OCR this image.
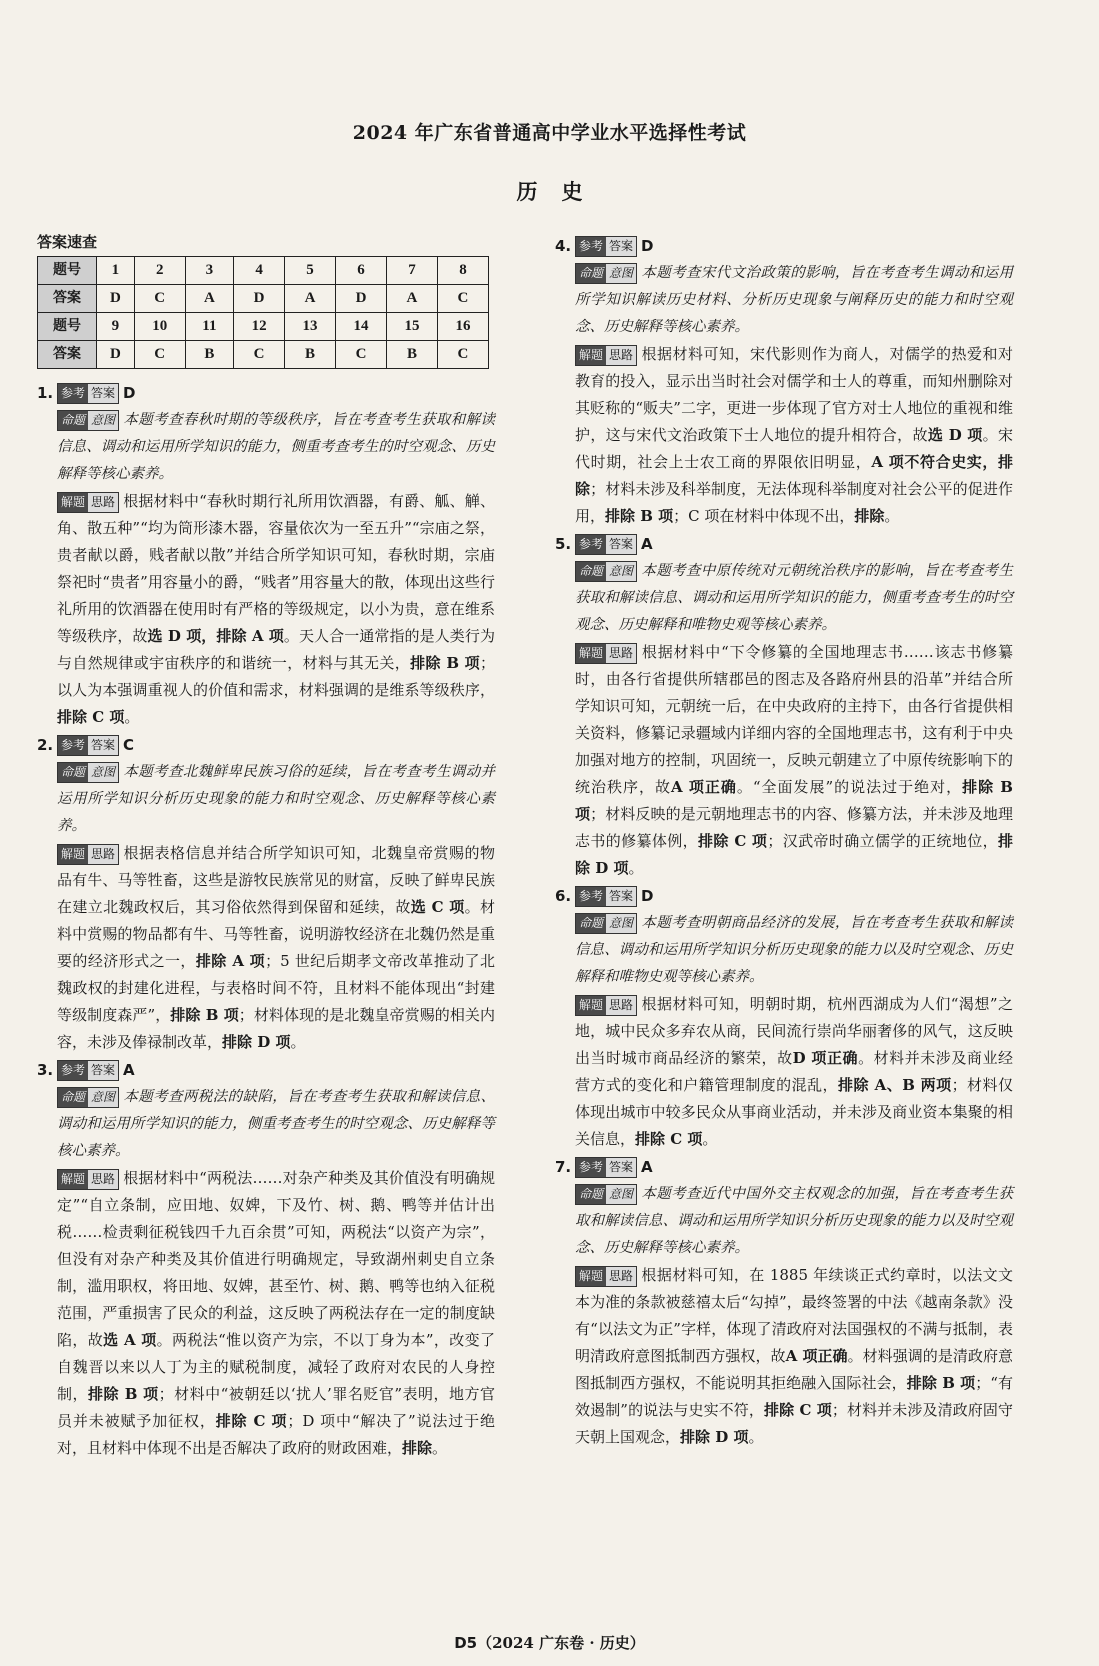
2024 年广东省普通高中学业水平选择性考试
历史
答案速查
题号	1	2	3	4	5	6	7	8
答案	D	C	A	D	A	D	A	C
题号	9	10	11	12	13	14	15	16
答案	D	C	B	C	B	C	B	C
1. 参考 答案 D
命题 意图 本题考查春秋时期的等级秩序，旨在考查考生获取和解读信息、调动和运用所学知识的能力，侧重考查考生的时空观念、历史解释等核心素养。
解题 思路 根据材料中“春秋时期行礼所用饮酒器，有爵、觚、觯、角、散五种”“均为筒形漆木器，容量依次为一至五升”“宗庙之祭，贵者献以爵，贱者献以散”并结合所学知识可知，春秋时期，宗庙祭祀时“贵者”用容量小的爵，“贱者”用容量大的散，体现出这些行礼所用的饮酒器在使用时有严格的等级规定，以小为贵，意在维系等级秩序，故选 D 项，排除 A 项。天人合一通常指的是人类行为与自然规律或宇宙秩序的和谐统一，材料与其无关，排除 B 项；以人为本强调重视人的价值和需求，材料强调的是维系等级秩序，排除 C 项。
2. 参考 答案 C
命题 意图 本题考查北魏鲜卑民族习俗的延续，旨在考查考生调动并运用所学知识分析历史现象的能力和时空观念、历史解释等核心素养。
解题 思路 根据表格信息并结合所学知识可知，北魏皇帝赏赐的物品有牛、马等牲畜，这些是游牧民族常见的财富，反映了鲜卑民族在建立北魏政权后，其习俗依然得到保留和延续，故选 C 项。材料中赏赐的物品都有牛、马等牲畜，说明游牧经济在北魏仍然是重要的经济形式之一，排除 A 项；5 世纪后期孝文帝改革推动了北魏政权的封建化进程，与表格时间不符，且材料不能体现出“封建等级制度森严”，排除 B 项；材料体现的是北魏皇帝赏赐的相关内容，未涉及俸禄制改革，排除 D 项。
3. 参考 答案 A
命题 意图 本题考查两税法的缺陷，旨在考查考生获取和解读信息、调动和运用所学知识的能力，侧重考查考生的时空观念、历史解释等核心素养。
解题 思路 根据材料中“两税法……对杂产种类及其价值没有明确规定”“自立条制，应田地、奴婢，下及竹、树、鹅、鸭等并估计出税……检责剩征税钱四千九百余贯”可知，两税法“以资产为宗”，但没有对杂产种类及其价值进行明确规定，导致湖州刺史自立条制，滥用职权，将田地、奴婢，甚至竹、树、鹅、鸭等也纳入征税范围，严重损害了民众的利益，这反映了两税法存在一定的制度缺陷，故选 A 项。两税法“惟以资产为宗，不以丁身为本”，改变了自魏晋以来以人丁为主的赋税制度，减轻了政府对农民的人身控制，排除 B 项；材料中“被朝廷以‘扰人’罪名贬官”表明，地方官员并未被赋予加征权，排除 C 项；D 项中“解决了”说法过于绝对，且材料中体现不出是否解决了政府的财政困难，排除。
4. 参考 答案 D
命题 意图 本题考查宋代文治政策的影响，旨在考查考生调动和运用所学知识解读历史材料、分析历史现象与阐释历史的能力和时空观念、历史解释等核心素养。
解题 思路 根据材料可知，宋代影则作为商人，对儒学的热爱和对教育的投入，显示出当时社会对儒学和士人的尊重，而知州删除对其贬称的“贩夫”二字，更进一步体现了官方对士人地位的重视和维护，这与宋代文治政策下士人地位的提升相符合，故选 D 项。宋代时期，社会上士农工商的界限依旧明显，A 项不符合史实，排除；材料未涉及科举制度，无法体现科举制度对社会公平的促进作用，排除 B 项；C 项在材料中体现不出，排除。
5. 参考 答案 A
命题 意图 本题考查中原传统对元朝统治秩序的影响，旨在考查考生获取和解读信息、调动和运用所学知识的能力，侧重考查考生的时空观念、历史解释和唯物史观等核心素养。
解题 思路 根据材料中“下令修纂的全国地理志书……该志书修纂时，由各行省提供所辖郡邑的图志及各路府州县的沿革”并结合所学知识可知，元朝统一后，在中央政府的主持下，由各行省提供相关资料，修纂记录疆域内详细内容的全国地理志书，这有利于中央加强对地方的控制，巩固统一，反映元朝建立了中原传统影响下的统治秩序，故A 项正确。“全面发展”的说法过于绝对，排除 B 项；材料反映的是元朝地理志书的内容、修纂方法，并未涉及地理志书的修纂体例，排除 C 项；汉武帝时确立儒学的正统地位，排除 D 项。
6. 参考 答案 D
命题 意图 本题考查明朝商品经济的发展，旨在考查考生获取和解读信息、调动和运用所学知识分析历史现象的能力以及时空观念、历史解释和唯物史观等核心素养。
解题 思路 根据材料可知，明朝时期，杭州西湖成为人们“渴想”之地，城中民众多弃农从商，民间流行崇尚华丽奢侈的风气，这反映出当时城市商品经济的繁荣，故D 项正确。材料并未涉及商业经营方式的变化和户籍管理制度的混乱，排除 A、B 两项；材料仅体现出城市中较多民众从事商业活动，并未涉及商业资本集聚的相关信息，排除 C 项。
7. 参考 答案 A
命题 意图 本题考查近代中国外交主权观念的加强，旨在考查考生获取和解读信息、调动和运用所学知识分析历史现象的能力以及时空观念、历史解释等核心素养。
解题 思路 根据材料可知，在 1885 年续谈正式约章时，以法文文本为准的条款被慈禧太后“勾掉”，最终签署的中法《越南条款》没有“以法文为正”字样，体现了清政府对法国强权的不满与抵制，表明清政府意图抵制西方强权，故A 项正确。材料强调的是清政府意图抵制西方强权，不能说明其拒绝融入国际社会，排除 B 项；“有效遏制”的说法与史实不符，排除 C 项；材料并未涉及清政府固守天朝上国观念，排除 D 项。
D5（2024 广东卷 · 历史）
